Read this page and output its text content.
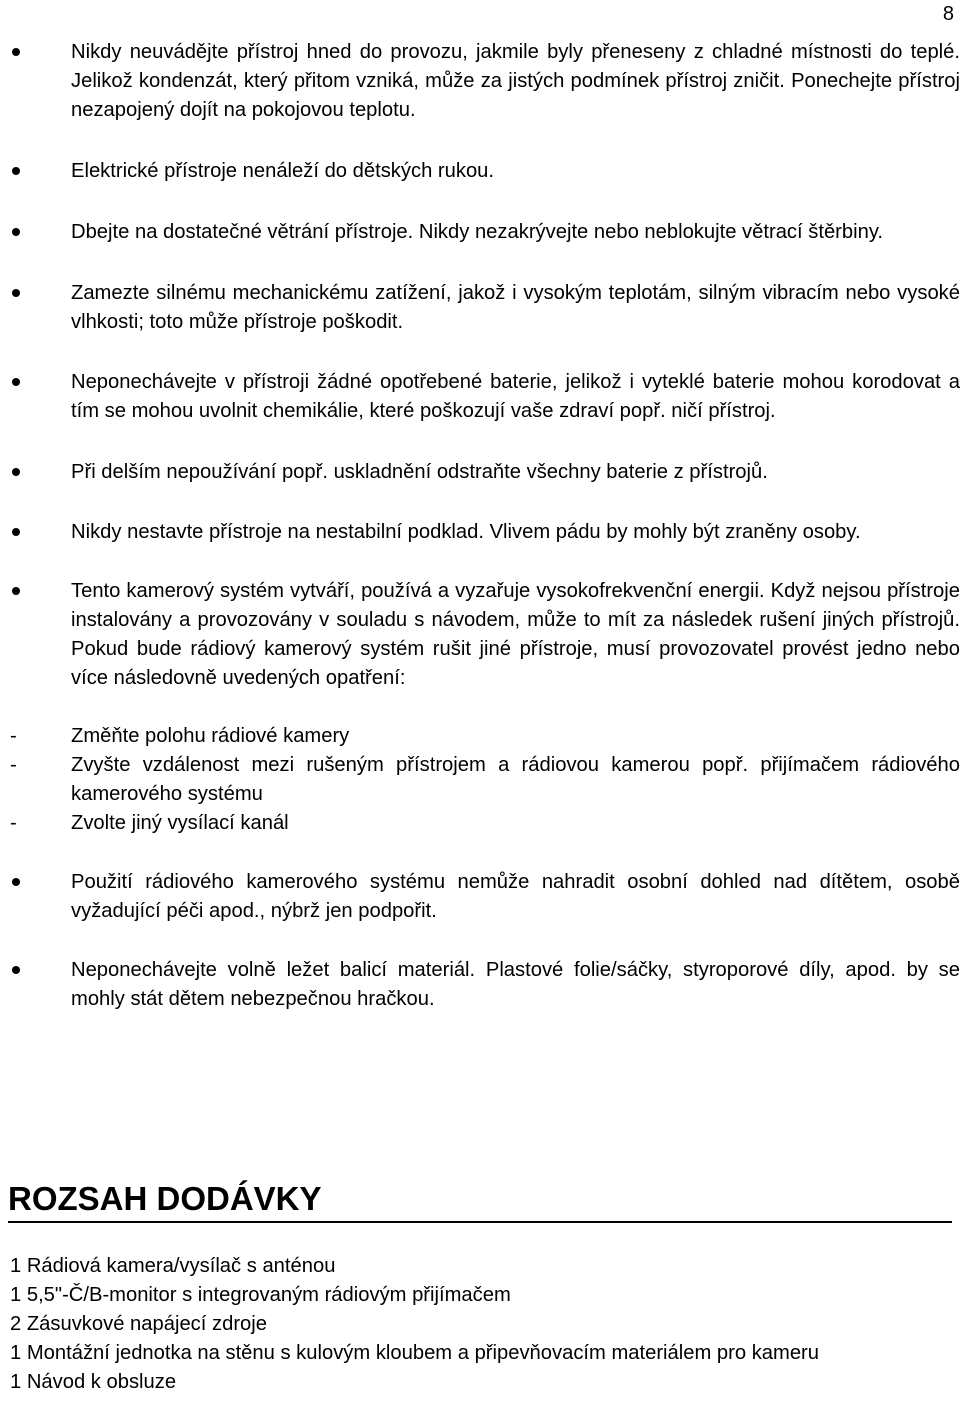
8
Nikdy neuvádějte přístroj hned do provozu, jakmile byly přeneseny z chladné místnosti do teplé. Jelikož kondenzát, který přitom vzniká, může za jistých podmínek přístroj zničit. Ponechejte přístroj nezapojený dojít na pokojovou teplotu.
Elektrické přístroje nenáleží do dětských rukou.
Dbejte na dostatečné větrání přístroje. Nikdy nezakrývejte nebo neblokujte větrací štěrbiny.
Zamezte silnému mechanickému zatížení, jakož i vysokým teplotám, silným vibracím nebo vysoké vlhkosti; toto může přístroje poškodit.
Neponechávejte v přístroji žádné opotřebené baterie, jelikož i vyteklé baterie mohou korodovat a tím se mohou uvolnit chemikálie, které poškozují vaše zdraví popř. ničí přístroj.
Při delším nepoužívání popř. uskladnění odstraňte všechny baterie z přístrojů.
Nikdy nestavte přístroje na nestabilní podklad. Vlivem pádu by mohly být zraněny osoby.
Tento kamerový systém vytváří, používá a vyzařuje vysokofrekvenční energii. Když nejsou přístroje instalovány a provozovány v souladu s návodem, může to mít za následek rušení jiných přístrojů. Pokud bude rádiový kamerový systém rušit jiné přístroje, musí provozovatel provést jedno nebo více následovně uvedených opatření:
-	Změňte polohu rádiové kamery
-	Zvyšte vzdálenost mezi rušeným přístrojem a rádiovou kamerou popř. přijímačem rádiového kamerového systému
-	Zvolte jiný vysílací kanál
Použití rádiového kamerového systému nemůže nahradit osobní dohled nad dítětem, osobě vyžadující péči apod., nýbrž jen podpořit.
Neponechávejte volně ležet balicí materiál. Plastové folie/sáčky, styroporové díly, apod. by se mohly stát dětem nebezpečnou hračkou.
ROZSAH DODÁVKY
1 Rádiová kamera/vysílač s anténou
1 5,5"-Č/B-monitor s integrovaným rádiovým přijímačem
2 Zásuvkové napájecí zdroje
1 Montážní jednotka na stěnu s kulovým kloubem a připevňovacím materiálem pro kameru
1 Návod k obsluze
